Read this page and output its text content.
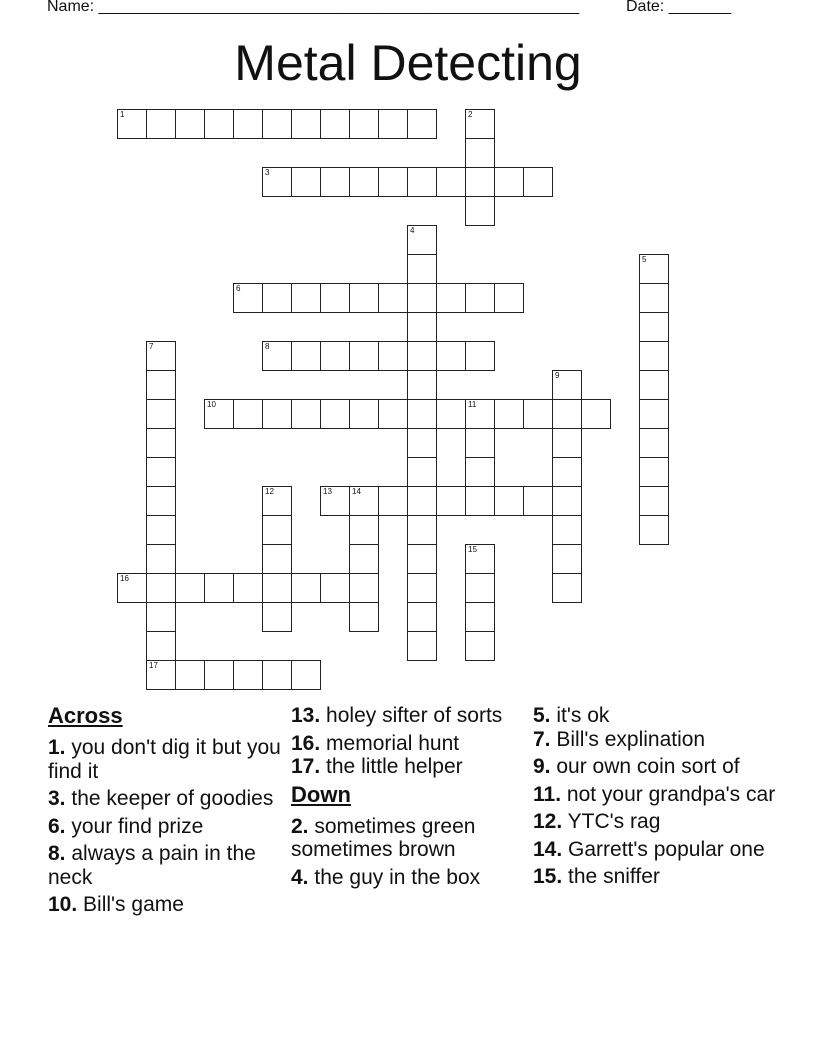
Name: ______________________________________________________	Date: _______
Metal Detecting
1	2
3
4
5
6
7
17
8
9
10	11
12	13	14
15
16
Across
1. you don't dig it but you find it
3. the keeper of goodies
6. your find prize
8. always a pain in the neck
10. Bill's game
13. holey sifter of sorts
16. memorial hunt
17. the little helper
Down
2. sometimes green sometimes brown
4. the guy in the box
5. it's ok
7. Bill's explination
9. our own coin sort of
11. not your grandpa's car
12. YTC's rag
14. Garrett's popular one
15. the sniffer
